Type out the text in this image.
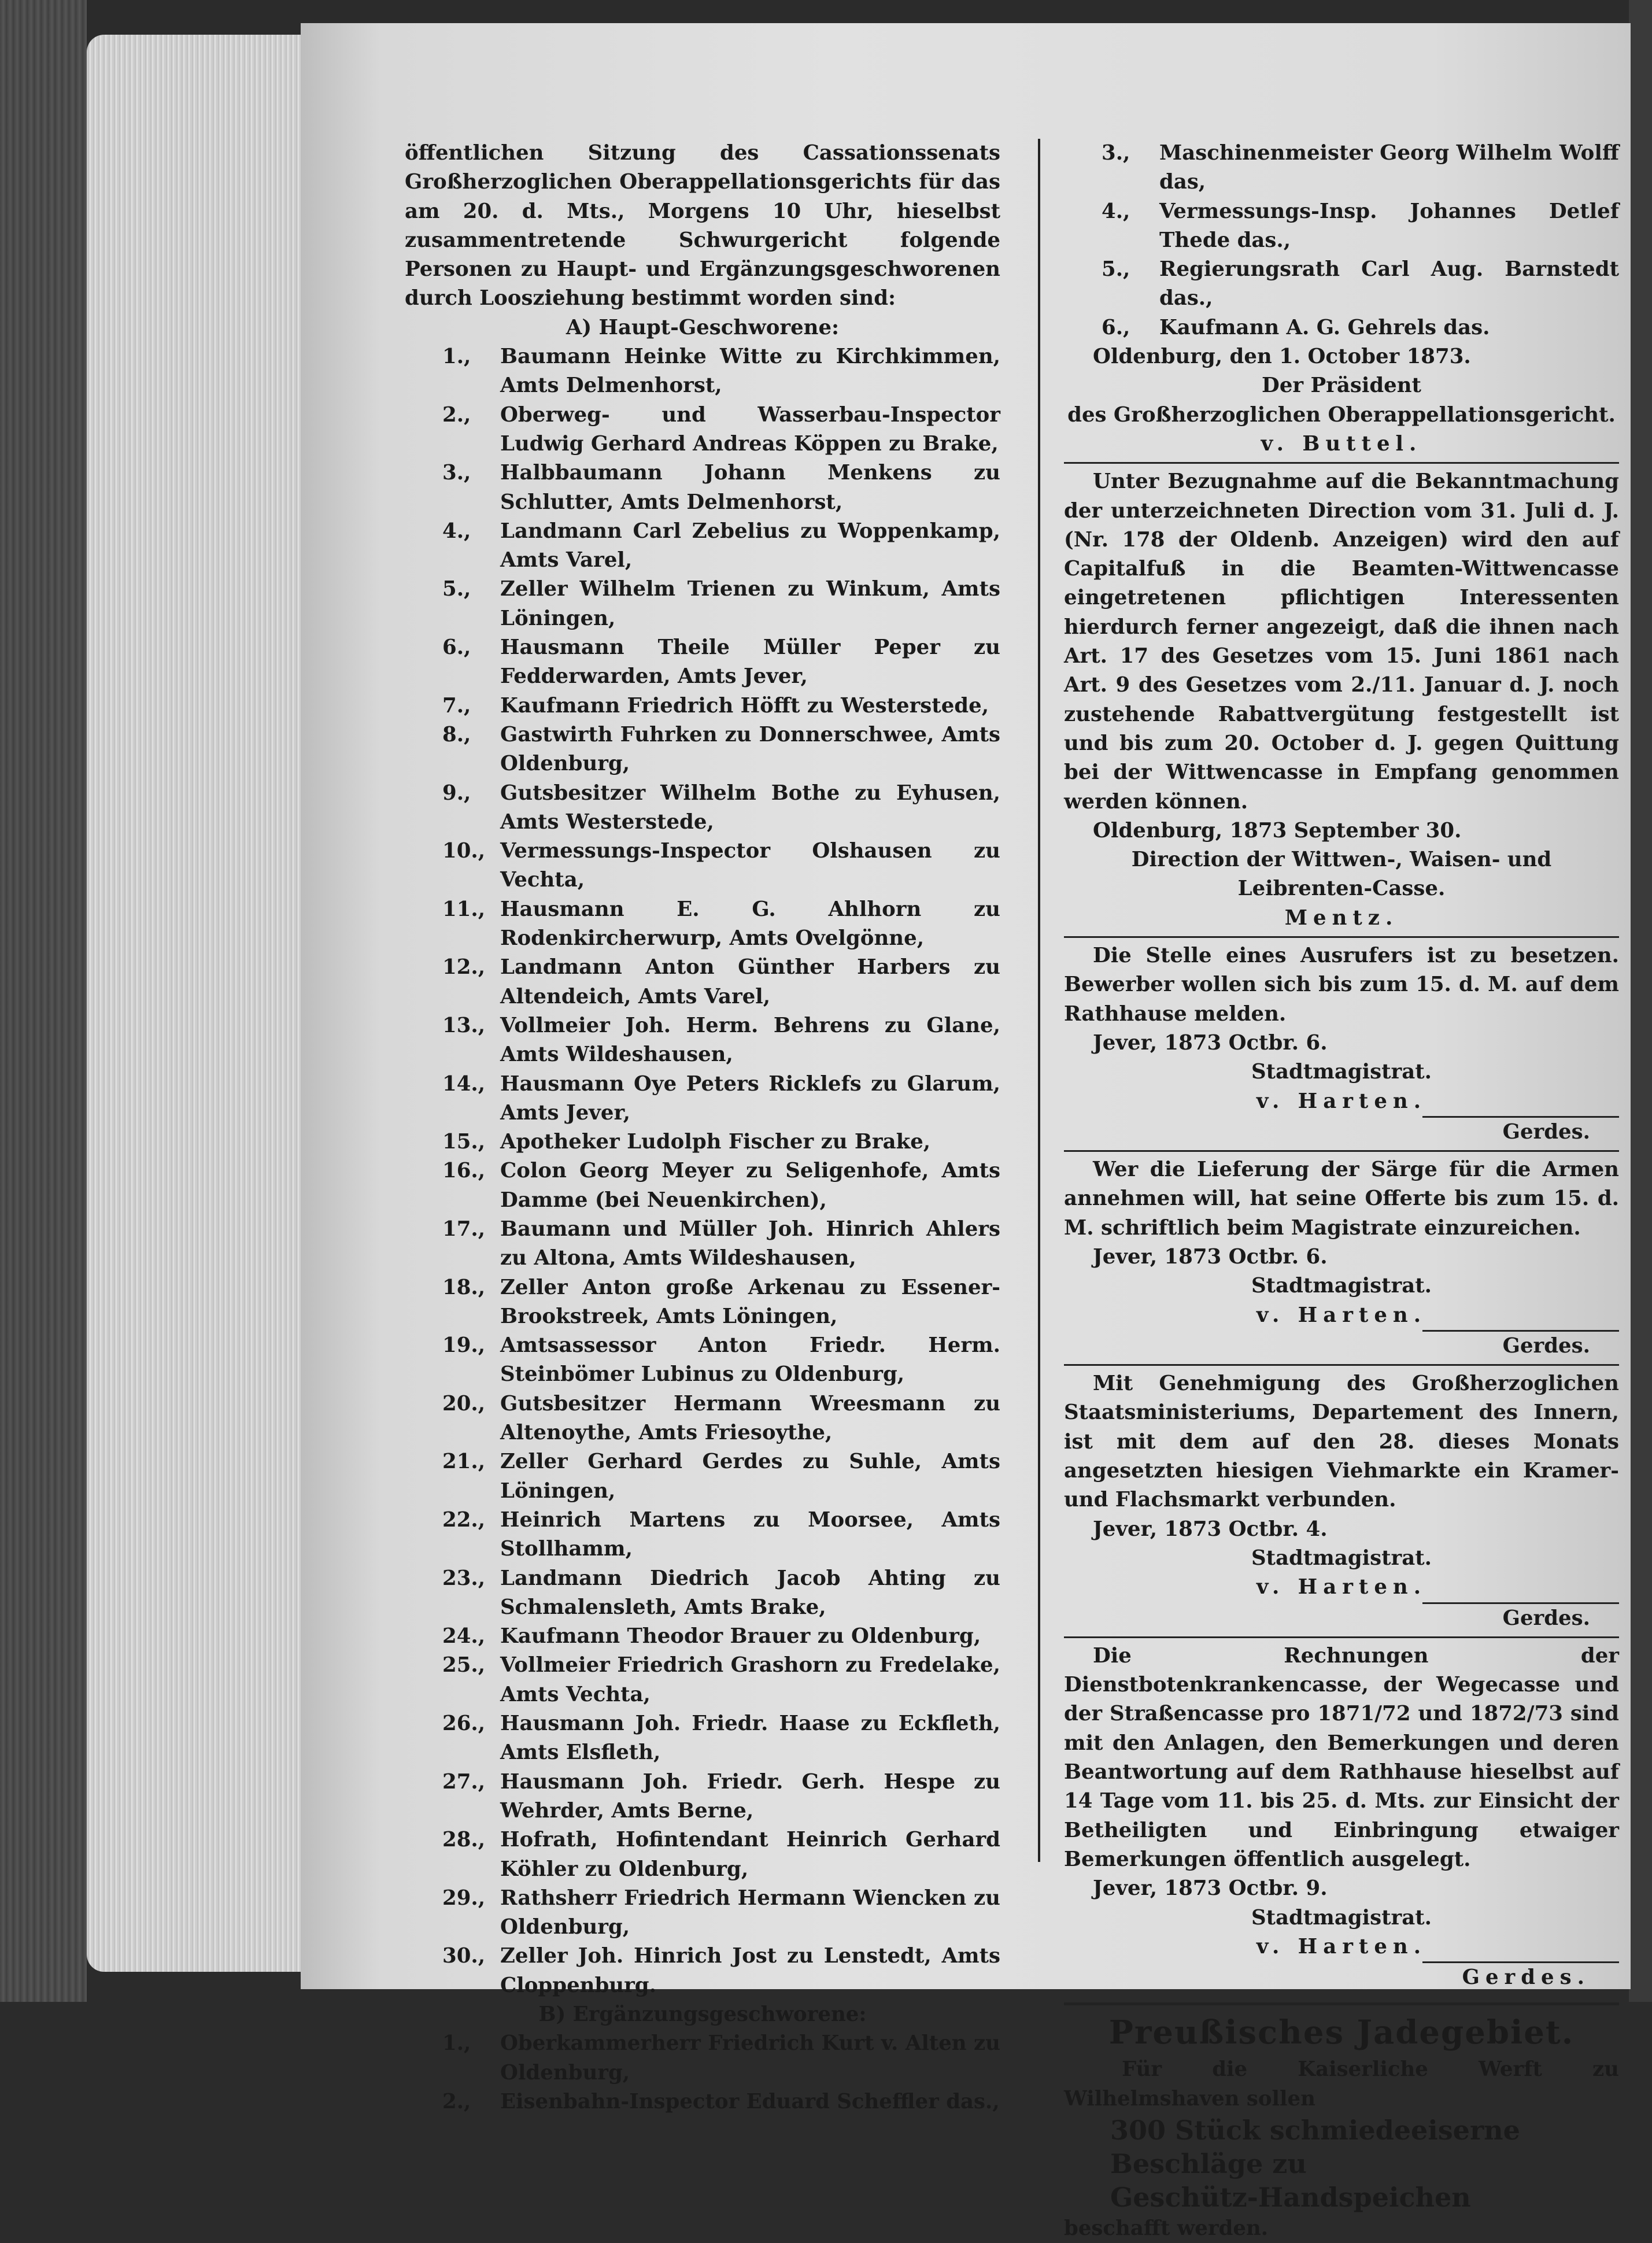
öffentlichen Sitzung des Cassationssenats Großherzoglichen Oberappellationsgerichts für das am 20. d. Mts., Morgens 10 Uhr, hieselbst zusammentretende Schwurgericht folgende Personen zu Haupt- und Ergänzungsgeschworenen durch Loosziehung bestimmt worden sind:

A) Haupt-Geschworene:

1., Baumann Heinke Witte zu Kirchkimmen, Amts Delmenhorst,

2., Oberweg- und Wasserbau-Inspector Ludwig Gerhard Andreas Köppen zu Brake,

3., Halbbaumann Johann Menkens zu Schlutter, Amts Delmenhorst,

4., Landmann Carl Zebelius zu Woppenkamp, Amts Varel,

5., Zeller Wilhelm Trienen zu Winkum, Amts Löningen,

6., Hausmann Theile Müller Peper zu Fedderwarden, Amts Jever,

7., Kaufmann Friedrich Höfft zu Westerstede,

8., Gastwirth Fuhrken zu Donnerschwee, Amts Oldenburg,

9., Gutsbesitzer Wilhelm Bothe zu Eyhusen, Amts Westerstede,

10., Vermessungs-Inspector Olshausen zu Vechta,

11., Hausmann E. G. Ahlhorn zu Rodenkircherwurp, Amts Ovelgönne,

12., Landmann Anton Günther Harbers zu Altendeich, Amts Varel,

13., Vollmeier Joh. Herm. Behrens zu Glane, Amts Wildeshausen,

14., Hausmann Oye Peters Ricklefs zu Glarum, Amts Jever,

15., Apotheker Ludolph Fischer zu Brake,

16., Colon Georg Meyer zu Seligenhofe, Amts Damme (bei Neuenkirchen),

17., Baumann und Müller Joh. Hinrich Ahlers zu Altona, Amts Wildeshausen,

18., Zeller Anton große Arkenau zu Essener-Brookstreek, Amts Löningen,

19., Amtsassessor Anton Friedr. Herm. Steinbömer Lubinus zu Oldenburg,

20., Gutsbesitzer Hermann Wreesmann zu Altenoythe, Amts Friesoythe,

21., Zeller Gerhard Gerdes zu Suhle, Amts Löningen,

22., Heinrich Martens zu Moorsee, Amts Stollhamm,

23., Landmann Diedrich Jacob Ahting zu Schmalensleth, Amts Brake,

24., Kaufmann Theodor Brauer zu Oldenburg,

25., Vollmeier Friedrich Grashorn zu Fredelake, Amts Vechta,

26., Hausmann Joh. Friedr. Haase zu Eckfleth, Amts Elsfleth,

27., Hausmann Joh. Friedr. Gerh. Hespe zu Wehrder, Amts Berne,

28., Hofrath, Hofintendant Heinrich Gerhard Köhler zu Oldenburg,

29., Rathsherr Friedrich Hermann Wiencken zu Oldenburg,

30., Zeller Joh. Hinrich Jost zu Lenstedt, Amts Cloppenburg.

B) Ergänzungsgeschworene:

1., Oberkammerherr Friedrich Kurt v. Alten zu Oldenburg,

2., Eisenbahn-Inspector Eduard Scheffler das.,

3., Maschinenmeister Georg Wilhelm Wolff das,

4., Vermessungs-Insp. Johannes Detlef Thede das.,

5., Regierungsrath Carl Aug. Barnstedt das.,

6., Kaufmann A. G. Gehrels das.

Oldenburg, den 1. October 1873.

Der Präsident

des Großherzoglichen Oberappellationsgericht.

v. Buttel.

Unter Bezugnahme auf die Bekanntmachung der unterzeichneten Direction vom 31. Juli d. J. (Nr. 178 der Oldenb. Anzeigen) wird den auf Capitalfuß in die Beamten-Wittwencasse eingetretenen pflichtigen Interessenten hierdurch ferner angezeigt, daß die ihnen nach Art. 17 des Gesetzes vom 15. Juni 1861 nach Art. 9 des Gesetzes vom 2./11. Januar d. J. noch zustehende Rabattvergütung festgestellt ist und bis zum 20. October d. J. gegen Quittung bei der Wittwencasse in Empfang genommen werden können.

Oldenburg, 1873 September 30.

Direction der Wittwen-, Waisen- und Leibrenten-Casse.

Mentz.

Die Stelle eines Ausrufers ist zu besetzen. Bewerber wollen sich bis zum 15. d. M. auf dem Rathhause melden.

Jever, 1873 Octbr. 6.

Stadtmagistrat.

v. Harten.

Gerdes.

Wer die Lieferung der Särge für die Armen annehmen will, hat seine Offerte bis zum 15. d. M. schriftlich beim Magistrate einzureichen.

Jever, 1873 Octbr. 6.

Stadtmagistrat.

v. Harten.

Gerdes.

Mit Genehmigung des Großherzoglichen Staatsministeriums, Departement des Innern, ist mit dem auf den 28. dieses Monats angesetzten hiesigen Viehmarkte ein Kramer- und Flachsmarkt verbunden.

Jever, 1873 Octbr. 4.

Stadtmagistrat.

v. Harten.

Gerdes.

Die Rechnungen der Dienstbotenkrankencasse, der Wegecasse und der Straßencasse pro 1871/72 und 1872/73 sind mit den Anlagen, den Bemerkungen und deren Beantwortung auf dem Rathhause hieselbst auf 14 Tage vom 11. bis 25. d. Mts. zur Einsicht der Betheiligten und Einbringung etwaiger Bemerkungen öffentlich ausgelegt.

Jever, 1873 Octbr. 9.

Stadtmagistrat.

v. Harten.

Gerdes.

Preußisches Jadegebiet.

Für die Kaiserliche Werft zu Wilhelmshaven sollen

300 Stück schmiedeeiserne Beschläge zu

Geschütz-Handspeichen

beschafft werden.
